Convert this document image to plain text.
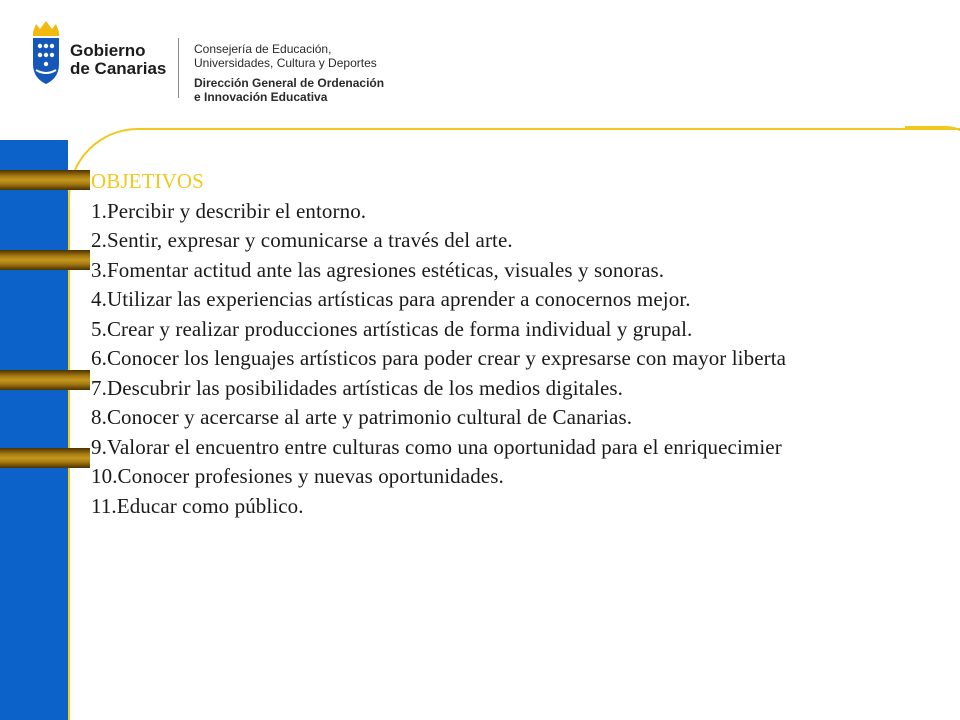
Gobierno
de Canarias
Consejería de Educación,
Universidades, Cultura y Deportes
Dirección General de Ordenación
e Innovación Educativa
OBJETIVOS
1.Percibir y describir el entorno.
2.Sentir, expresar y comunicarse a través del arte.
3.Fomentar actitud ante las agresiones estéticas, visuales y sonoras.
4.Utilizar las experiencias artísticas para aprender a conocernos mejor.
5.Crear y realizar producciones artísticas de forma individual y grupal.
6.Conocer los lenguajes artísticos para poder crear y expresarse con mayor liberta
7.Descubrir las posibilidades artísticas de los medios digitales.
8.Conocer y acercarse al arte y patrimonio cultural de Canarias.
9.Valorar el encuentro entre culturas como una oportunidad para el enriquecimier
10.Conocer profesiones y nuevas oportunidades.
11.Educar como público.
